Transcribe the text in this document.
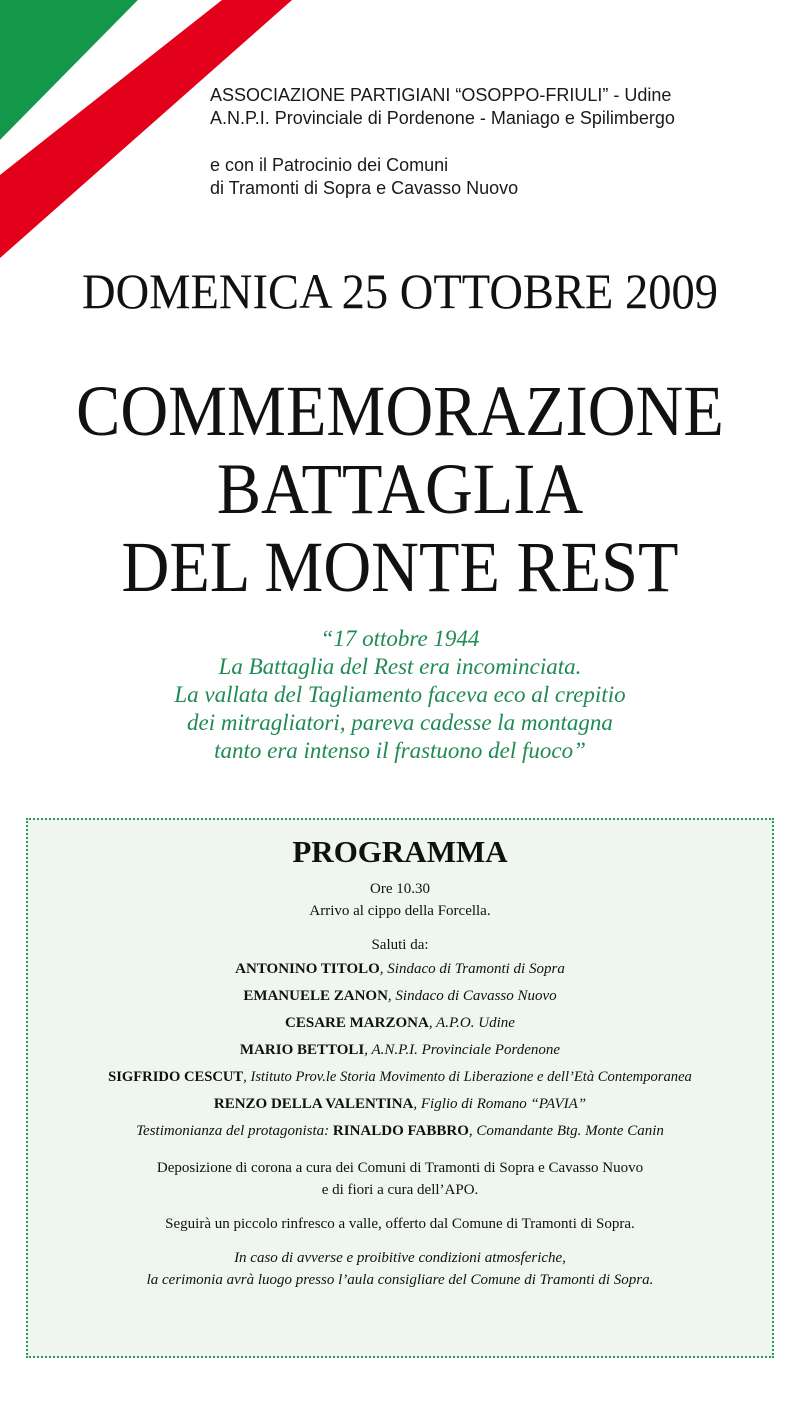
ASSOCIAZIONE PARTIGIANI “OSOPPO-FRIULI” - Udine
A.N.P.I. Provinciale di Pordenone - Maniago e Spilimbergo
e con il Patrocinio dei Comuni
di Tramonti di Sopra e Cavasso Nuovo
DOMENICA 25 OTTOBRE 2009
COMMEMORAZIONE
BATTAGLIA
DEL MONTE REST
“17 ottobre 1944
La Battaglia del Rest era incominciata.
La vallata del Tagliamento faceva eco al crepitio
dei mitragliatori, pareva cadesse la montagna
tanto era intenso il frastuono del fuoco”
PROGRAMMA
Ore 10.30
Arrivo al cippo della Forcella.
Saluti da:
ANTONINO TITOLO, Sindaco di Tramonti di Sopra
EMANUELE ZANON, Sindaco di Cavasso Nuovo
CESARE MARZONA, A.P.O. Udine
MARIO BETTOLI, A.N.P.I. Provinciale Pordenone
SIGFRIDO CESCUT, Istituto Prov.le Storia Movimento di Liberazione e dell’Età Contemporanea
RENZO DELLA VALENTINA, Figlio di Romano “PAVIA”
Testimonianza del protagonista: RINALDO FABBRO, Comandante Btg. Monte Canin
Deposizione di corona a cura dei Comuni di Tramonti di Sopra e Cavasso Nuovo
e di fiori a cura dell’APO.
Seguirà un piccolo rinfresco a valle, offerto dal Comune di Tramonti di Sopra.
In caso di avverse e proibitive condizioni atmosferiche,
la cerimonia avrà luogo presso l’aula consigliare del Comune di Tramonti di Sopra.
